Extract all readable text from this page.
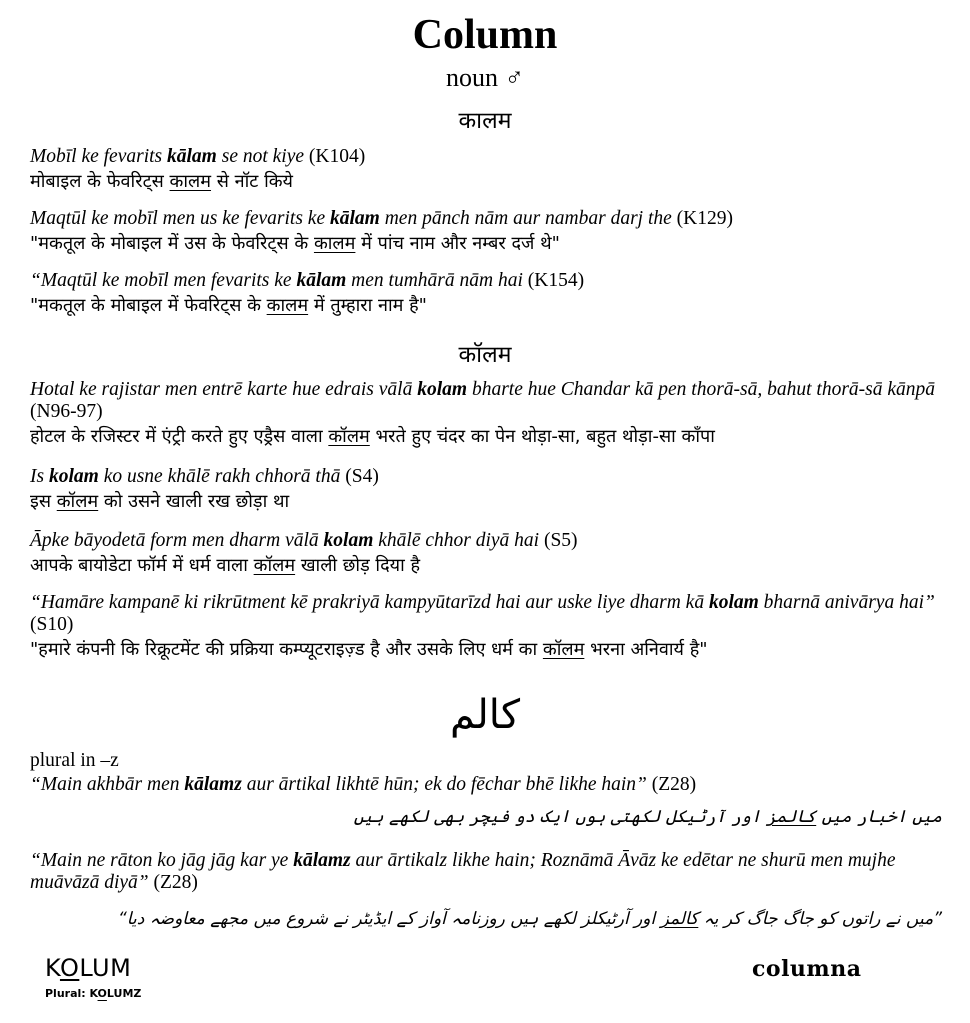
Column
noun ♂
कालम
Mobīl ke fevarits kālam se not kiye (K104)
मोबाइल के फेवरिट्स कालम से नॉट किये
Maqtūl ke mobīl men us ke fevarits ke kālam men pānch nām aur nambar darj the (K129)
"मकतूल के मोबाइल में उस के फेवरिट्स के कालम में पांच नाम और नम्बर दर्ज थे"
“Maqtūl ke mobīl men fevarits ke kālam men tumhārā nām hai (K154)
"मकतूल के मोबाइल में फेवरिट्स के कालम में तुम्हारा नाम है"
कॉलम
Hotal ke rajistar men entrē karte hue edrais vālā kolam bharte hue Chandar kā pen thorā-sā, bahut thorā-sā kānpā (N96-97)
होटल के रजिस्टर में एंट्री करते हुए एड्रैस वाला कॉलम भरते हुए चंदर का पेन थोड़ा-सा, बहुत थोड़ा-सा काँपा
Is kolam ko usne khālē rakh chhorā thā (S4)
इस कॉलम को उसने खाली रख छोड़ा था
Āpke bāyodetā form men dharm vālā kolam khālē chhor diyā hai (S5)
आपके बायोडेटा फॉर्म में धर्म वाला कॉलम खाली छोड़ दिया है
“Hamāre kampanē ki rikrūtment kē prakriyā kampyūtarīzd hai aur uske liye dharm kā kolam bharnā anivārya hai” (S10)
"हमारे कंपनी कि रिक्रूटमेंट की प्रक्रिया कम्प्यूटराइज़्ड है और उसके लिए धर्म का कॉलम भरना अनिवार्य है"
کالم
plural in –z
“Main akhbār men kālamz aur ārtikal likhtē hūn; ek do fēchar bhē likhe hain” (Z28)
میں اخبار میں کالمز اور آرٹیکل لکھتی ہوں ایک دو فیچر بھی لکھے ہیں
“Main ne rāton ko jāg jāg kar ye kālamz aur ārtikalz likhe hain; Roznāmā Āvāz ke edētar ne shurū men mujhe muāvāzā diyā” (Z28)
”میں نے راتوں کو جاگ جاگ کر یہ کالمز اور آرٹیکلز لکھے ہیں روزنامہ آواز کے ایڈیٹر نے شروع میں مجھے معاوضہ دیا“
KOLUM
Plural: KOLUMZ
columna
